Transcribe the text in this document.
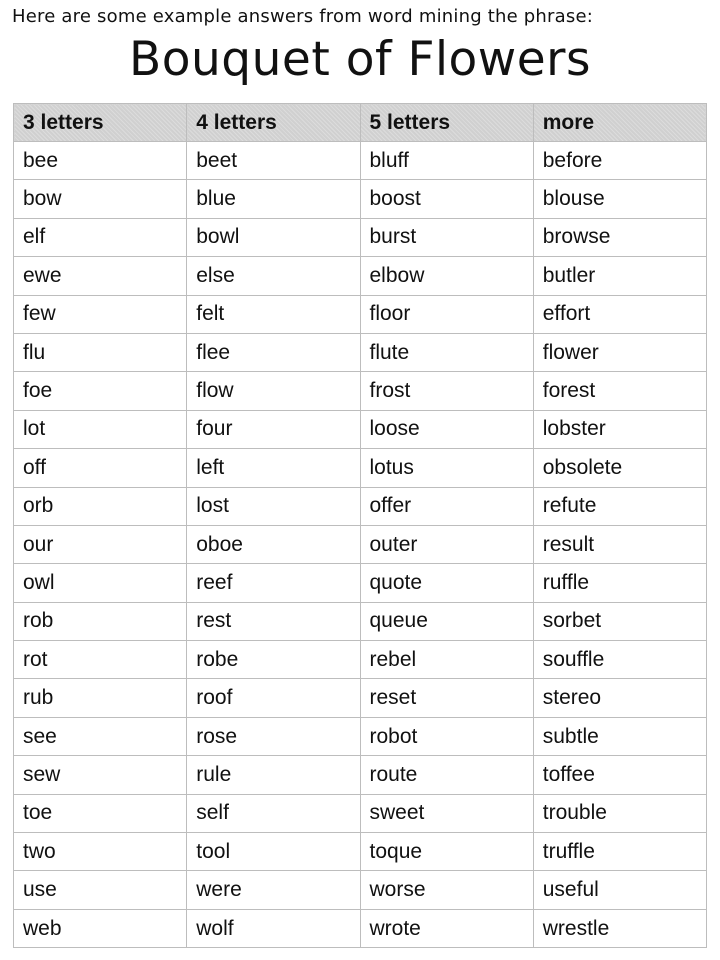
Here are some example answers from word mining the phrase:
Bouquet of Flowers
3 letters	4 letters	5 letters	more
bee	beet	bluff	before
bow	blue	boost	blouse
elf	bowl	burst	browse
ewe	else	elbow	butler
few	felt	floor	effort
flu	flee	flute	flower
foe	flow	frost	forest
lot	four	loose	lobster
off	left	lotus	obsolete
orb	lost	offer	refute
our	oboe	outer	result
owl	reef	quote	ruffle
rob	rest	queue	sorbet
rot	robe	rebel	souffle
rub	roof	reset	stereo
see	rose	robot	subtle
sew	rule	route	toffee
toe	self	sweet	trouble
two	tool	toque	truffle
use	were	worse	useful
web	wolf	wrote	wrestle
